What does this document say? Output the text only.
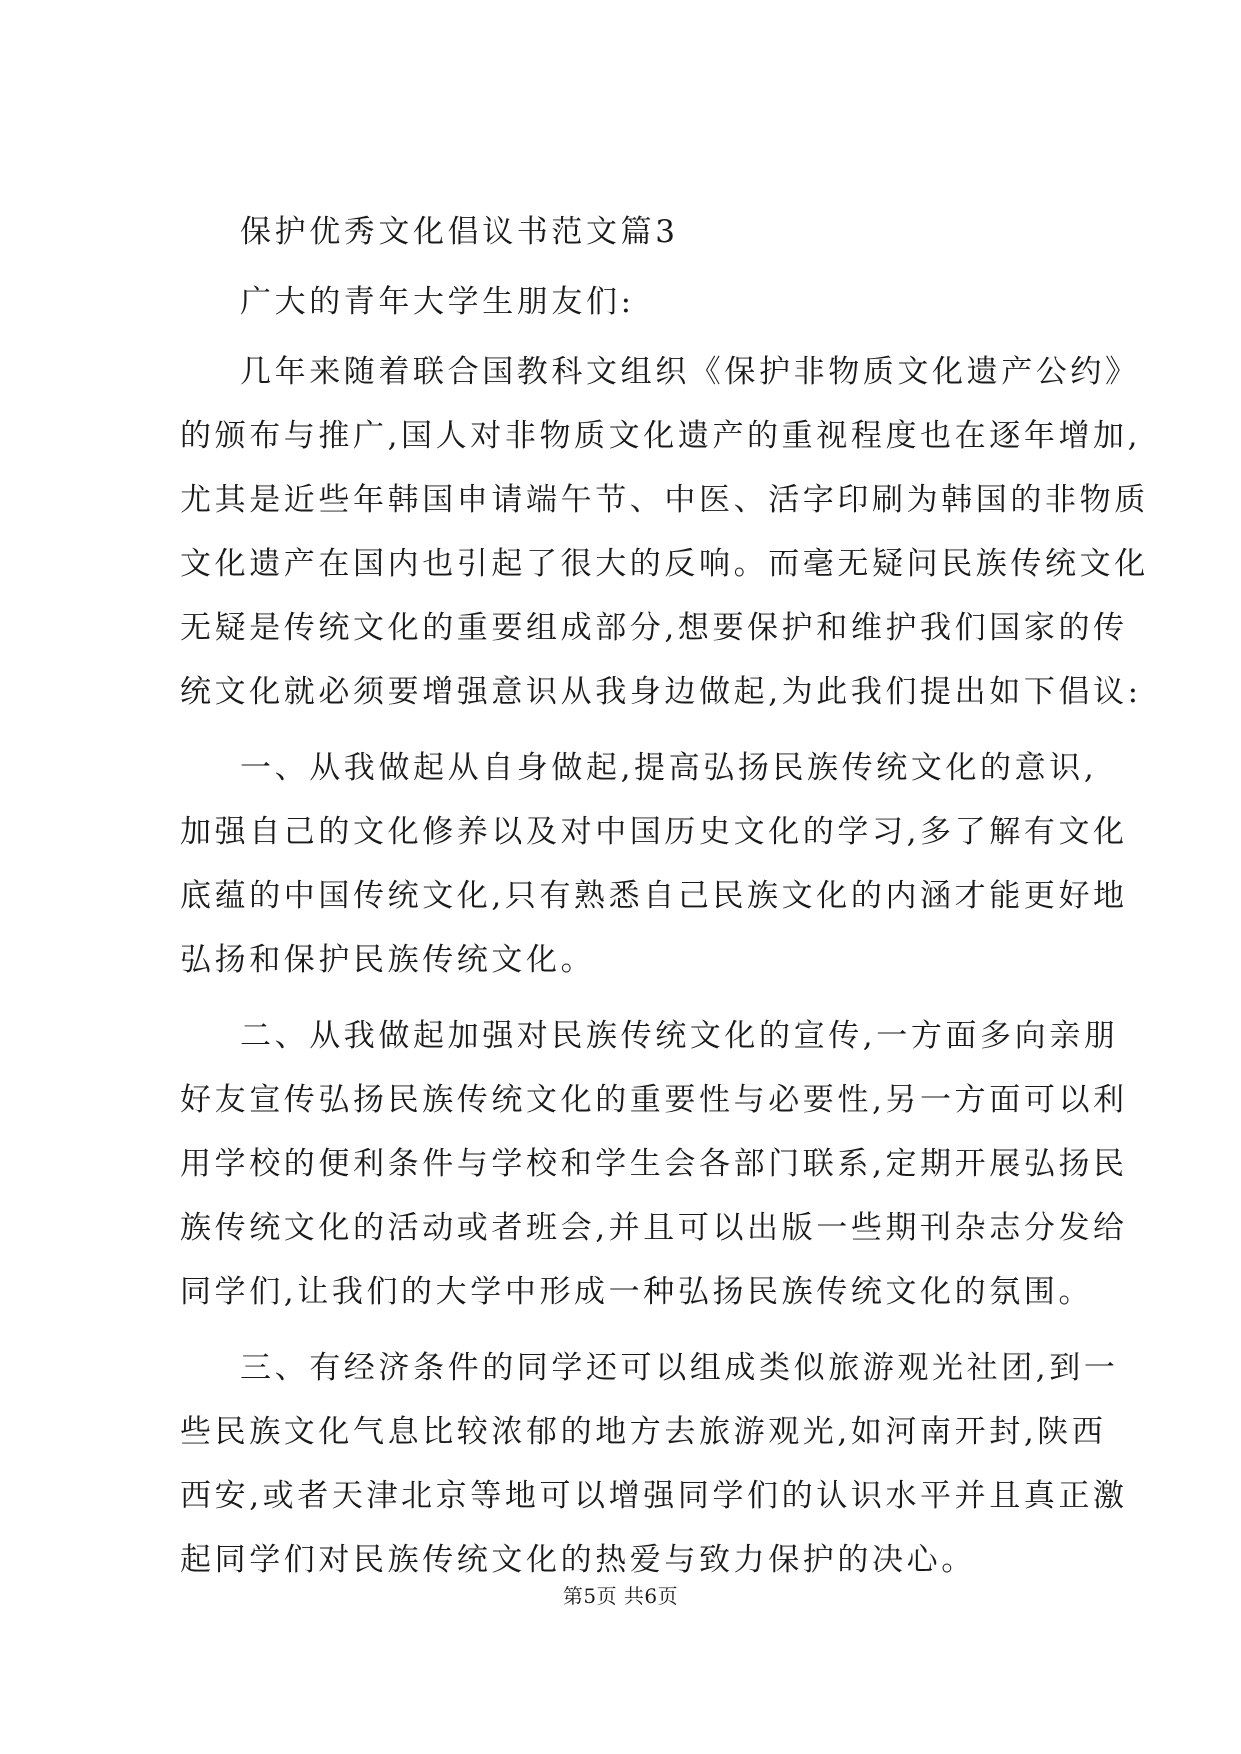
保护优秀文化倡议书范文篇3
广大的青年大学生朋友们:
几年来随着联合国教科文组织《保护非物质文化遗产公约》
的颁布与推广,国人对非物质文化遗产的重视程度也在逐年增加,
尤其是近些年韩国申请端午节、中医、活字印刷为韩国的非物质
文化遗产在国内也引起了很大的反响。而毫无疑问民族传统文化
无疑是传统文化的重要组成部分,想要保护和维护我们国家的传
统文化就必须要增强意识从我身边做起,为此我们提出如下倡议:
一、从我做起从自身做起,提高弘扬民族传统文化的意识,
加强自己的文化修养以及对中国历史文化的学习,多了解有文化
底蕴的中国传统文化,只有熟悉自己民族文化的内涵才能更好地
弘扬和保护民族传统文化。
二、从我做起加强对民族传统文化的宣传,一方面多向亲朋
好友宣传弘扬民族传统文化的重要性与必要性,另一方面可以利
用学校的便利条件与学校和学生会各部门联系,定期开展弘扬民
族传统文化的活动或者班会,并且可以出版一些期刊杂志分发给
同学们,让我们的大学中形成一种弘扬民族传统文化的氛围。
三、有经济条件的同学还可以组成类似旅游观光社团,到一
些民族文化气息比较浓郁的地方去旅游观光,如河南开封,陕西
西安,或者天津北京等地可以增强同学们的认识水平并且真正激
起同学们对民族传统文化的热爱与致力保护的决心。
第5页 共6页
